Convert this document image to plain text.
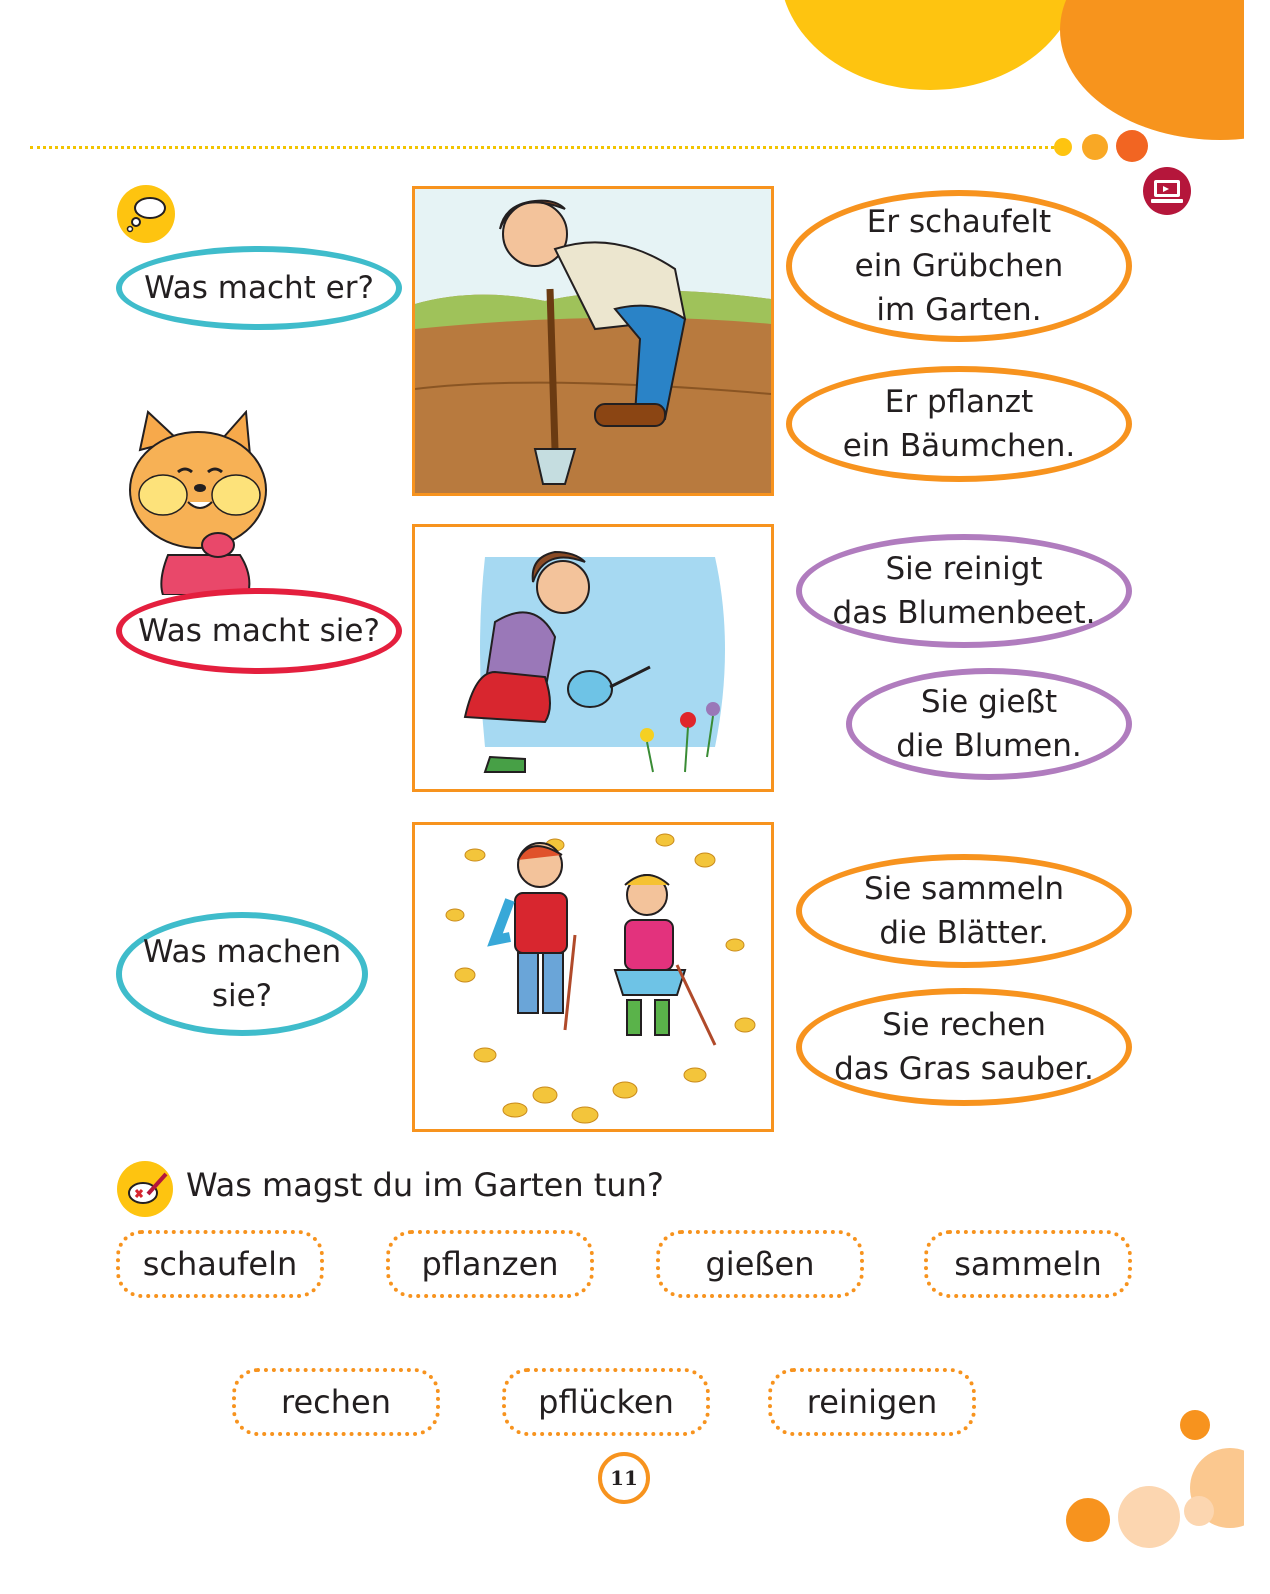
Was macht er?
Was macht sie?
Was machen
sie?
Er schaufelt
ein Grübchen
im Garten.
Er pflanzt
ein Bäumchen.
Sie reinigt
das Blumenbeet.
Sie gießt
die Blumen.
Sie sammeln
die Blätter.
Sie rechen
das Gras sauber.
Was magst du im Garten tun?
schaufeln	pflanzen	gießen	sammeln
rechen	pflücken	reinigen
11
